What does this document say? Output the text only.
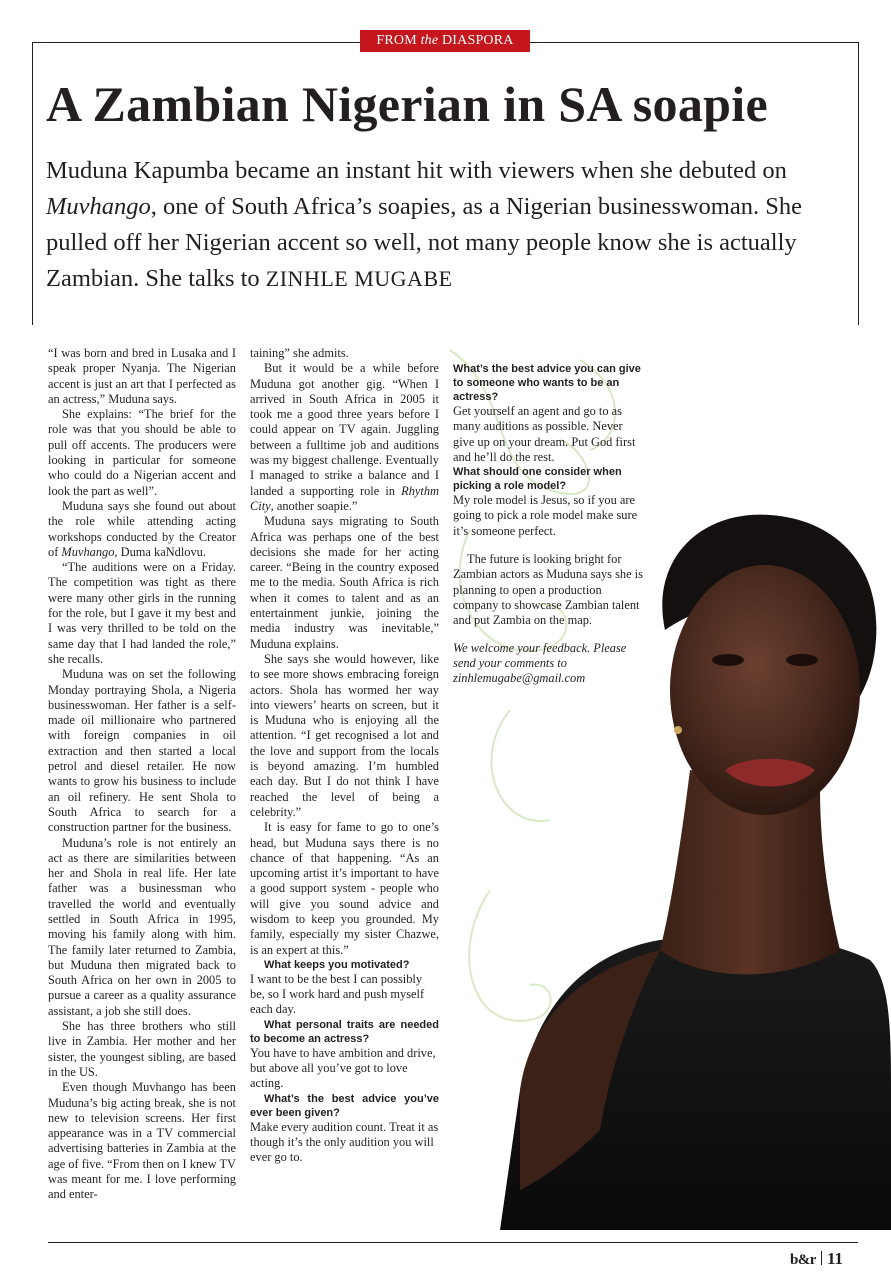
FROM the DIASPORA
A Zambian Nigerian in SA soapie

Muduna Kapumba became an instant hit with viewers when she debuted on Muvhango, one of South Africa’s soapies, as a Nigerian businesswoman. She pulled off her Nigerian accent so well, not many people know she is actually Zambian. She talks to ZINHLE MUGABE

“I was born and bred in Lusaka and I speak proper Nyanja. The Nigerian accent is just an art that I perfected as an actress,” Muduna says.

She explains: “The brief for the role was that you should be able to pull off accents. The producers were looking in particular for someone who could do a Nigerian accent and look the part as well”.

Muduna says she found out about the role while attending acting workshops conducted by the Creator of Muvhango, Duma kaNdlovu.

“The auditions were on a Friday. The competition was tight as there were many other girls in the running for the role, but I gave it my best and I was very thrilled to be told on the same day that I had landed the role,” she recalls.

Muduna was on set the following Monday portraying Shola, a Nigeria businesswoman. Her father is a self-made oil millionaire who partnered with foreign companies in oil extraction and then started a local petrol and diesel retailer. He now wants to grow his business to include an oil refinery. He sent Shola to South Africa to search for a construction partner for the business.

Muduna’s role is not entirely an act as there are similarities between her and Shola in real life. Her late father was a businessman who travelled the world and eventually settled in South Africa in 1995, moving his family along with him. The family later returned to Zambia, but Muduna then migrated back to South Africa on her own in 2005 to pursue a career as a quality assurance assistant, a job she still does.

She has three brothers who still live in Zambia. Her mother and her sister, the youngest sibling, are based in the US.

Even though Muvhango has been Muduna’s big acting break, she is not new to television screens. Her first appearance was in a TV commercial advertising batteries in Zambia at the age of five. “From then on I knew TV was meant for me. I love performing and enter-

taining” she admits.

But it would be a while before Muduna got another gig. “When I arrived in South Africa in 2005 it took me a good three years before I could appear on TV again. Juggling between a fulltime job and auditions was my biggest challenge. Eventually I managed to strike a balance and I landed a supporting role in Rhythm City, another soapie.”

Muduna says migrating to South Africa was perhaps one of the best decisions she made for her acting career. “Being in the country exposed me to the media. South Africa is rich when it comes to talent and as an entertainment junkie, joining the media industry was inevitable,” Muduna explains.

She says she would however, like to see more shows embracing foreign actors. Shola has wormed her way into viewers’ hearts on screen, but it is Muduna who is enjoying all the attention. “I get recognised a lot and the love and support from the locals is beyond amazing. I’m humbled each day. But I do not think I have reached the level of being a celebrity.”

It is easy for fame to go to one’s head, but Muduna says there is no chance of that happening. “As an upcoming artist it’s important to have a good support system - people who will give you sound advice and wisdom to keep you grounded. My family, especially my sister Chazwe, is an expert at this.”

What keeps you motivated?

I want to be the best I can possibly be, so I work hard and push myself each day.

What personal traits are needed to become an actress?

You have to have ambition and drive, but above all you’ve got to love acting.

What’s the best advice you’ve ever been given?

Make every audition count. Treat it as though it’s the only audition you will ever go to.

What’s the best advice you can give to someone who wants to be an actress?

Get yourself an agent and go to as many auditions as possible. Never give up on your dream. Put God first and he’ll do the rest.

What should one consider when picking a role model?

My role model is Jesus, so if you are going to pick a role model make sure it’s someone perfect.

The future is looking bright for Zambian actors as Muduna says she is planning to open a production company to showcase Zambian talent and put Zambia on the map.

We welcome your feedback. Please send your comments to zinhlemugabe@gmail.com

b&r 11
